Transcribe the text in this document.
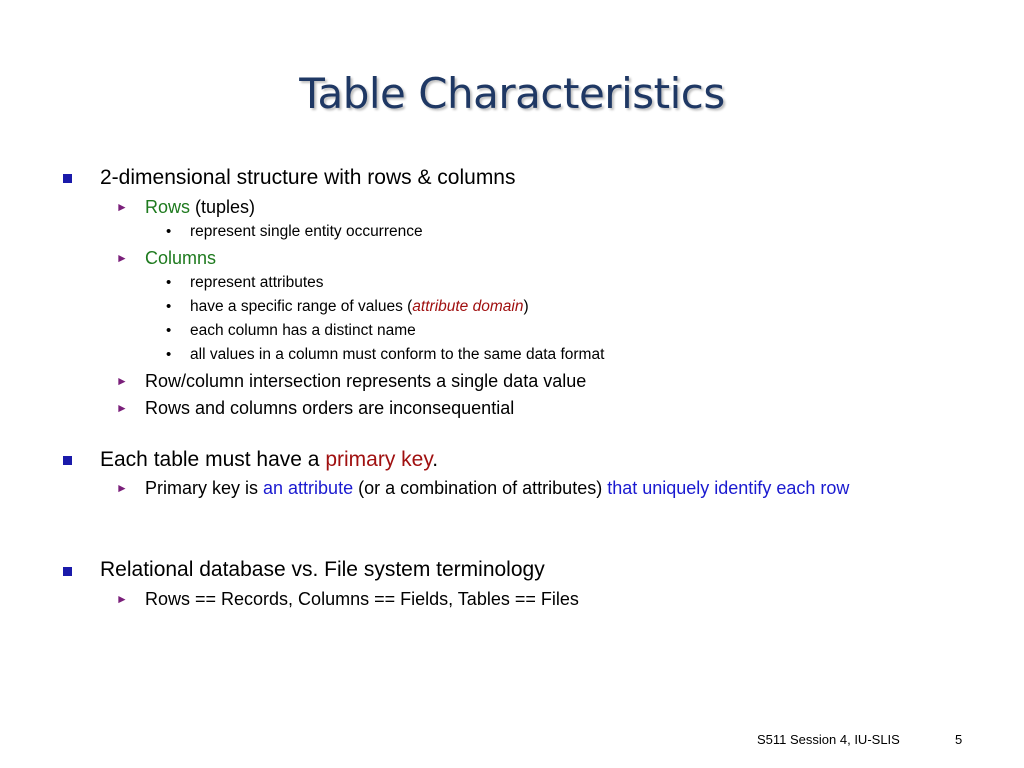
Table Characteristics
2-dimensional structure with rows & columns
► Rows (tuples)
• represent single entity occurrence
► Columns
• represent attributes
• have a specific range of values (attribute domain)
• each column has a distinct name
• all values in a column must conform to the same data format
► Row/column intersection represents a single data value
► Rows and columns orders are inconsequential
Each table must have a primary key.
► Primary key is an attribute (or a combination of attributes) that uniquely identify each row
Relational database vs. File system terminology
► Rows == Records, Columns == Fields, Tables == Files
S511 Session 4, IU-SLIS	5
